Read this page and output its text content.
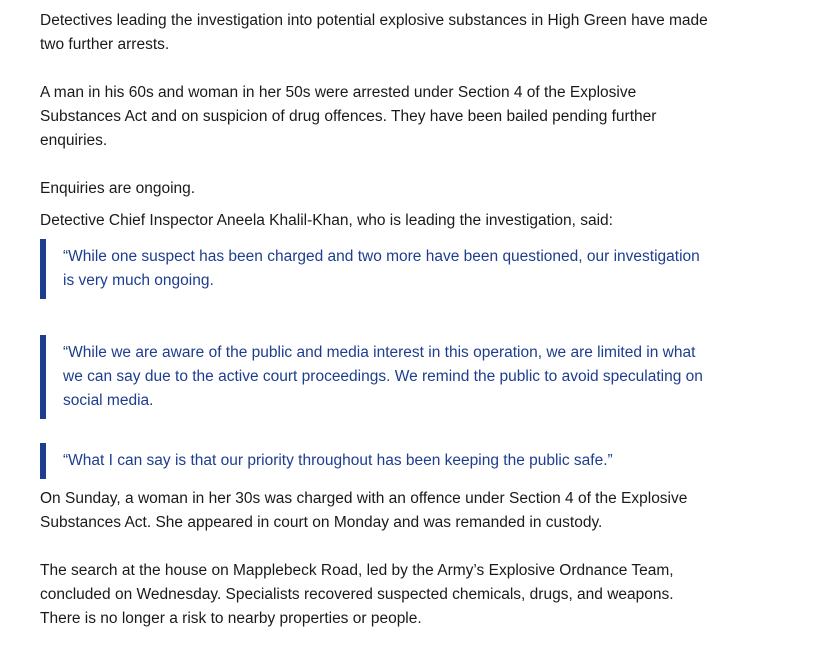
Detectives leading the investigation into potential explosive substances in High Green have made two further arrests.

A man in his 60s and woman in her 50s were arrested under Section 4 of the Explosive Substances Act and on suspicion of drug offences. They have been bailed pending further enquiries.

Enquiries are ongoing.

Detective Chief Inspector Aneela Khalil-Khan, who is leading the investigation, said:

“While one suspect has been charged and two more have been questioned, our investigation is very much ongoing.

“While we are aware of the public and media interest in this operation, we are limited in what we can say due to the active court proceedings. We remind the public to avoid speculating on social media.

“What I can say is that our priority throughout has been keeping the public safe.”

On Sunday, a woman in her 30s was charged with an offence under Section 4 of the Explosive Substances Act. She appeared in court on Monday and was remanded in custody.

The search at the house on Mapplebeck Road, led by the Army’s Explosive Ordnance Team, concluded on Wednesday. Specialists recovered suspected chemicals, drugs, and weapons. There is no longer a risk to nearby properties or people.
